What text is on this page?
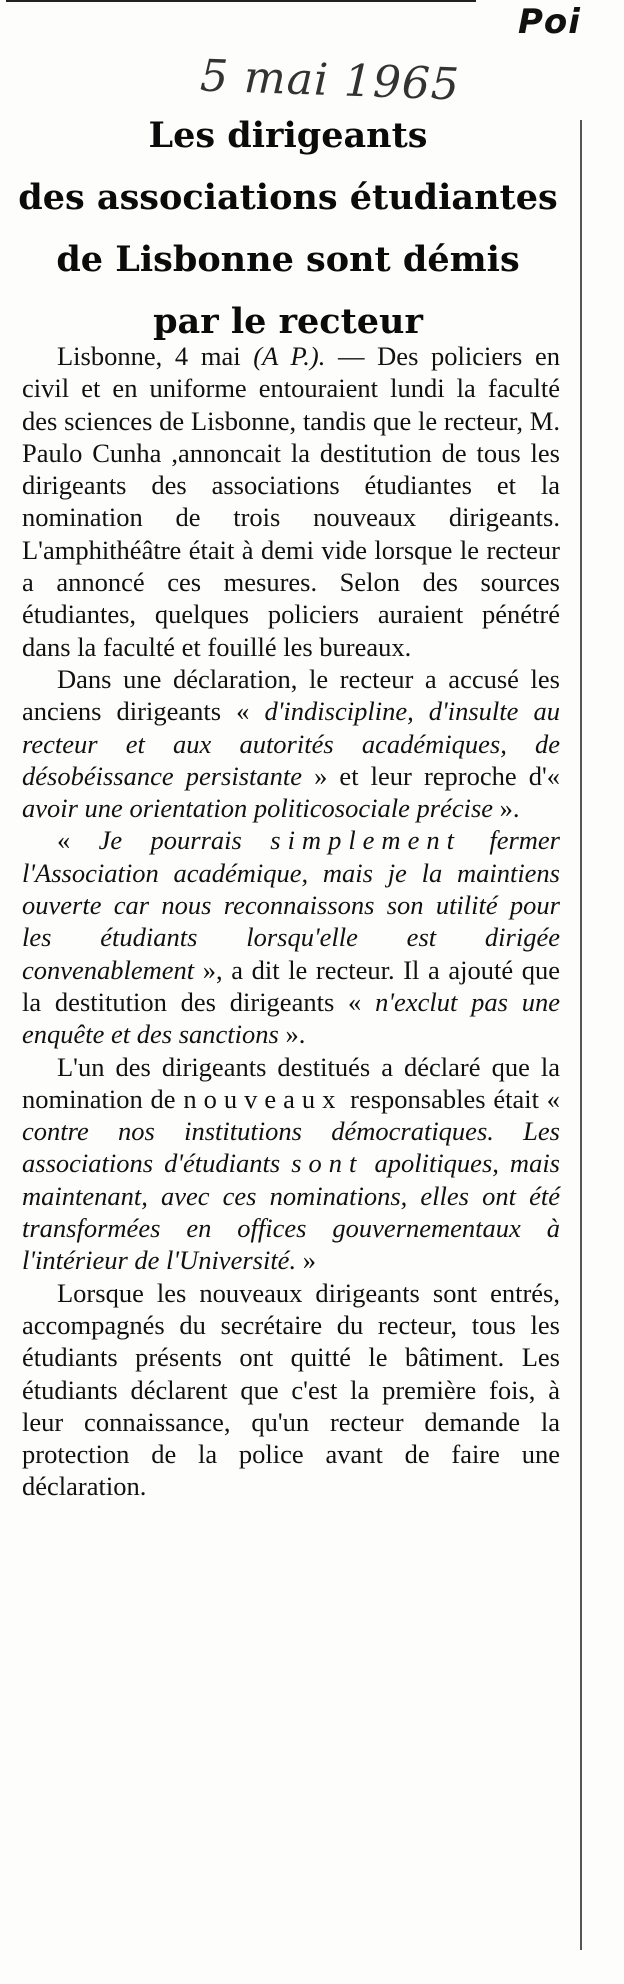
Poi
5 mai 1965
Les dirigeants
des associations étudiantes
de Lisbonne sont démis
par le recteur

Lisbonne, 4 mai (A P.). — Des policiers en civil et en uniforme entouraient lundi la faculté des sciences de Lisbonne, tandis que le recteur, M. Paulo Cunha ,annoncait la destitution de tous les dirigeants des associations étudiantes et la nomination de trois nouveaux dirigeants. L'amphithéâtre était à demi vide lorsque le recteur a annoncé ces mesures. Selon des sources étudiantes, quelques policiers auraient pénétré dans la faculté et fouillé les bureaux.

Dans une déclaration, le recteur a accusé les anciens dirigeants « d'indiscipline, d'insulte au recteur et aux autorités académiques, de désobéissance persistante » et leur reproche d'« avoir une orientation politicosociale précise ».

« Je pourrais simplement fermer l'Association académique, mais je la maintiens ouverte car nous reconnaissons son utilité pour les étudiants lorsqu'elle est dirigée convenablement », a dit le recteur. Il a ajouté que la destitution des dirigeants « n'exclut pas une enquête et des sanctions ».

L'un des dirigeants destitués a déclaré que la nomination de nouveaux responsables était « contre nos institutions démocratiques. Les associations d'étudiants sont apolitiques, mais maintenant, avec ces nominations, elles ont été transformées en offices gouvernementaux à l'intérieur de l'Université. »

Lorsque les nouveaux dirigeants sont entrés, accompagnés du secrétaire du recteur, tous les étudiants présents ont quitté le bâtiment. Les étudiants déclarent que c'est la première fois, à leur connaissance, qu'un recteur demande la protection de la police avant de faire une déclaration.
